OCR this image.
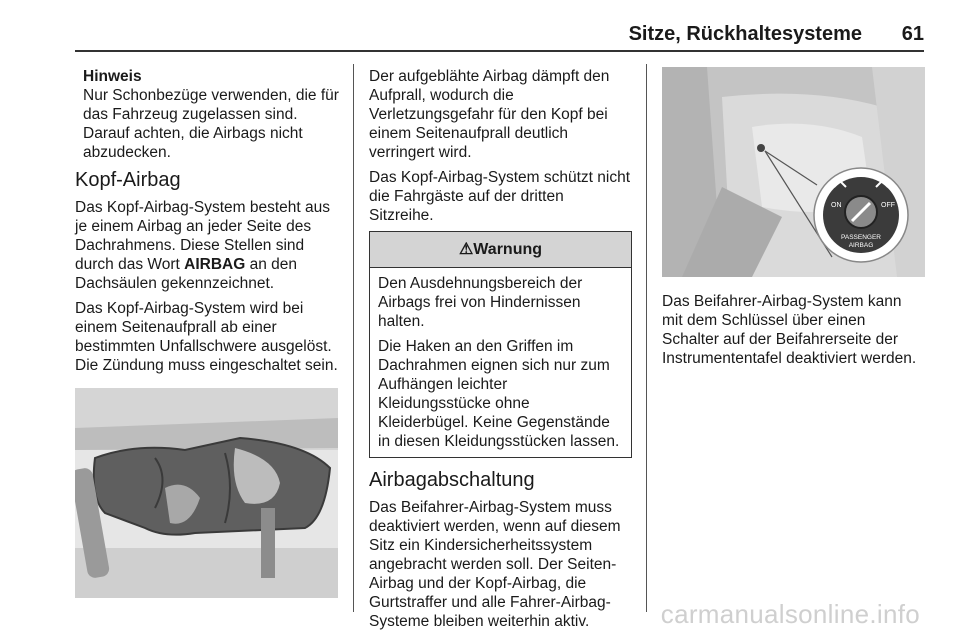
Sitze, Rückhaltesysteme 61
Hinweis

Nur Schonbezüge verwenden, die für das Fahrzeug zugelassen sind. Darauf achten, die Airbags nicht abzudecken.

Kopf-Airbag

Das Kopf-Airbag-System besteht aus je einem Airbag an jeder Seite des Dachrahmens. Diese Stellen sind durch das Wort AIRBAG an den Dachsäulen gekennzeichnet.

Das Kopf-Airbag-System wird bei einem Seitenaufprall ab einer bestimmten Unfallschwere ausgelöst. Die Zündung muss eingeschaltet sein.

Der aufgeblähte Airbag dämpft den Aufprall, wodurch die Verletzungsgefahr für den Kopf bei einem Seitenaufprall deutlich verringert wird.

Das Kopf-Airbag-System schützt nicht die Fahrgäste auf der dritten Sitzreihe.

⚠Warnung

Den Ausdehnungsbereich der Airbags frei von Hindernissen halten.

Die Haken an den Griffen im Dachrahmen eignen sich nur zum Aufhängen leichter Kleidungsstücke ohne Kleiderbügel. Keine Gegenstände in diesen Kleidungsstücken lassen.

Airbagabschaltung

Das Beifahrer-Airbag-System muss deaktiviert werden, wenn auf diesem Sitz ein Kindersicherheitssystem angebracht werden soll. Der Seiten-Airbag und der Kopf-Airbag, die Gurtstraffer und alle Fahrer-Airbag-Systeme bleiben weiterhin aktiv.

ON	OFF
PASSENGER
AIRBAG

Das Beifahrer-Airbag-System kann mit dem Schlüssel über einen Schalter auf der Beifahrerseite der Instrumententafel deaktiviert werden.

carmanualsonline.info
